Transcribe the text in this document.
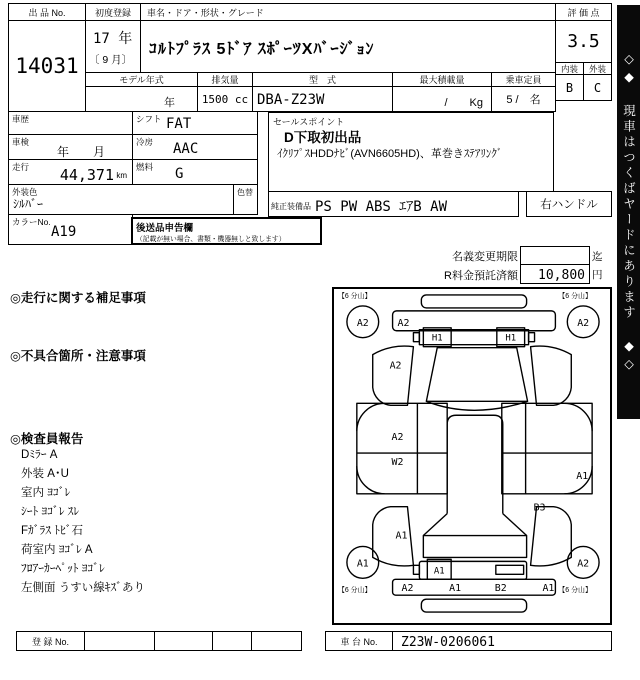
出 品 No.
14031
初度登録
17 年
〔 9 月〕
車名・ドア・形状・グレード
ｺﾙﾄﾌﾟﾗｽ 5ﾄﾞｱ ｽﾎﾟｰﾂXﾊﾞｰｼﾞｮﾝ
評 価 点
3.5
内装	外装
B	C
モデル年式	排気量	型　式	最大積載量	乗車定員
年	1500 cc DBA-Z23W	/　　Kg	5 /　名
車歴	シフト FAT
車検
年　　月
冷房 AAC
走行 44,371 km
燃料 G
外装色
ｼﾙﾊﾞｰ
色替
カラーNo.
A19	後送品申告欄
（記載が無い場合、書類・機器無しと致します）
セールスポイント
D下取初出品
ｲｸﾘﾌﾟｽHDDﾅﾋﾞ(AVN6605HD)、革巻きｽﾃｱﾘﾝｸﾞ
純正装備品 PS PW ABS ｴｱB AW	右ハンドル
名義変更期限	迄
R料金預託済額 10,800 円
◎走行に関する補足事項
◎不具合箇所・注意事項
◎検査員報告
Dﾐﾗｰ A
外装 A･U
室内 ﾖｺﾞﾚ
ｼｰﾄ ﾖｺﾞﾚ ｽﾚ
Fｶﾞﾗｽ ﾄﾋﾞ石
荷室内 ﾖｺﾞﾚ A
ﾌﾛｱｰｶｰﾍﾟｯﾄ ﾖｺﾞﾚ
左側面 うすい線ｷｽﾞあり
【6 分山】	【6 分山】
【6 分山】	【6 分山】
A2
A2	A2
H1	H1
A2
A2
W2
A1
B3
A1
A1
A2	A1	B2	A1
A1	A2
◇◆ 現車はつくばヤードにあります ◆◇
登 録 No.	車 台 No.	Z23W-0206061
